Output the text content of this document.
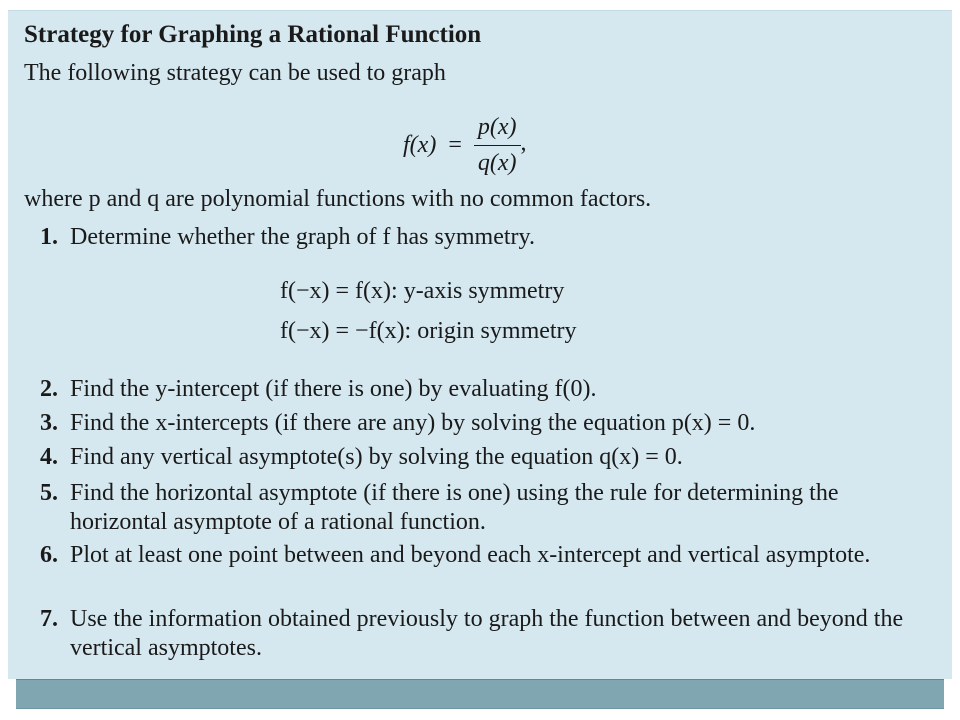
Strategy for Graphing a Rational Function
The following strategy can be used to graph
$f(x) = \frac{p(x)}{q(x)}$ ,
where p and q are polynomial functions with no common factors.
1. Determine whether the graph of f has symmetry.
f(−x) = f(x): y-axis symmetry
f(−x) = −f(x): origin symmetry
2. Find the y-intercept (if there is one) by evaluating f(0).
3. Find the x-intercepts (if there are any) by solving the equation p(x) = 0.
4. Find any vertical asymptote(s) by solving the equation q(x) = 0.
5. Find the horizontal asymptote (if there is one) using the rule for determining the horizontal asymptote of a rational function.
6. Plot at least one point between and beyond each x-intercept and vertical asymptote.
7. Use the information obtained previously to graph the function between and beyond the vertical asymptotes.
